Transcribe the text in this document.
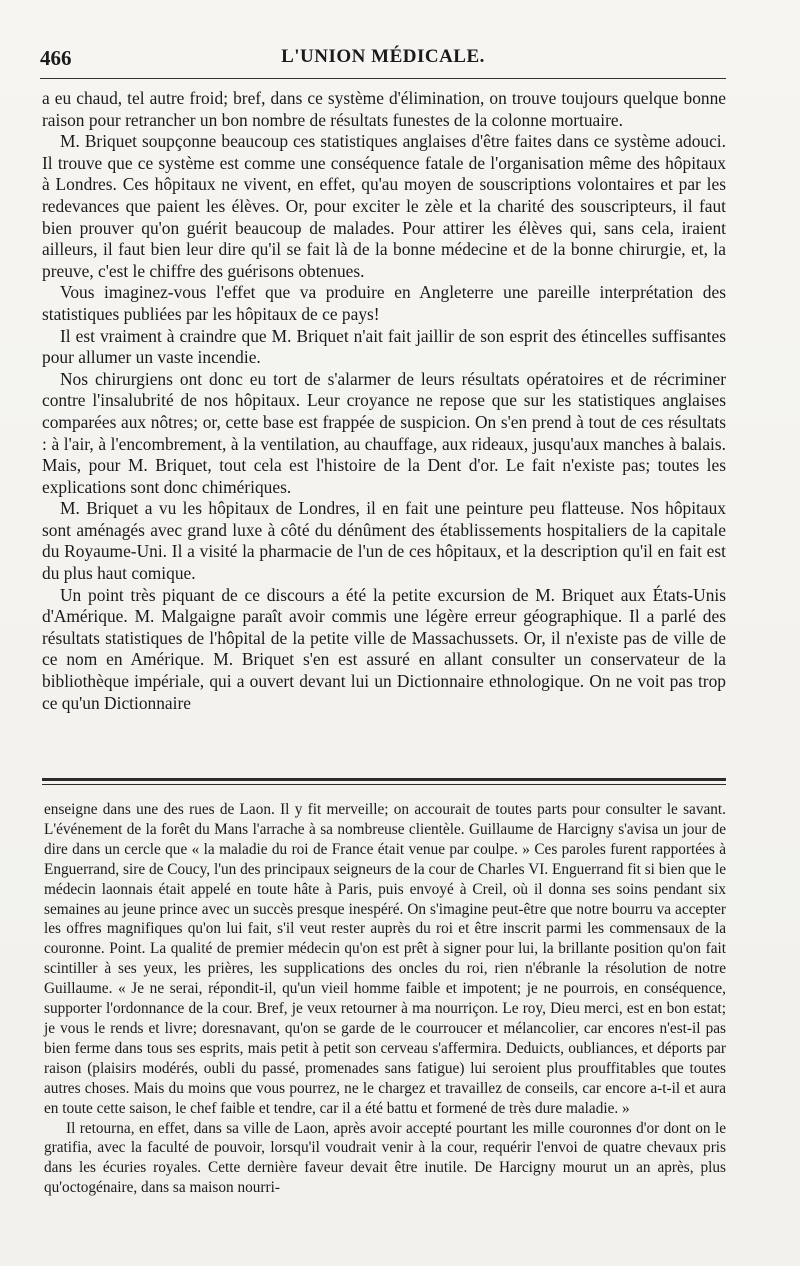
466	L'UNION MÉDICALE.

a eu chaud, tel autre froid; bref, dans ce système d'élimination, on trouve toujours quelque bonne raison pour retrancher un bon nombre de résultats funestes de la colonne mortuaire.

M. Briquet soupçonne beaucoup ces statistiques anglaises d'être faites dans ce système adouci. Il trouve que ce système est comme une conséquence fatale de l'organisation même des hôpitaux à Londres. Ces hôpitaux ne vivent, en effet, qu'au moyen de souscriptions volontaires et par les redevances que paient les élèves. Or, pour exciter le zèle et la charité des souscripteurs, il faut bien prouver qu'on guérit beaucoup de malades. Pour attirer les élèves qui, sans cela, iraient ailleurs, il faut bien leur dire qu'il se fait là de la bonne médecine et de la bonne chirurgie, et, la preuve, c'est le chiffre des guérisons obtenues.

Vous imaginez-vous l'effet que va produire en Angleterre une pareille interprétation des statistiques publiées par les hôpitaux de ce pays!

Il est vraiment à craindre que M. Briquet n'ait fait jaillir de son esprit des étincelles suffisantes pour allumer un vaste incendie.

Nos chirurgiens ont donc eu tort de s'alarmer de leurs résultats opératoires et de récriminer contre l'insalubrité de nos hôpitaux. Leur croyance ne repose que sur les statistiques anglaises comparées aux nôtres; or, cette base est frappée de suspicion. On s'en prend à tout de ces résultats : à l'air, à l'encombrement, à la ventilation, au chauffage, aux rideaux, jusqu'aux manches à balais. Mais, pour M. Briquet, tout cela est l'histoire de la Dent d'or. Le fait n'existe pas; toutes les explications sont donc chimériques.

M. Briquet a vu les hôpitaux de Londres, il en fait une peinture peu flatteuse. Nos hôpitaux sont aménagés avec grand luxe à côté du dénûment des établissements hospitaliers de la capitale du Royaume-Uni. Il a visité la pharmacie de l'un de ces hôpitaux, et la description qu'il en fait est du plus haut comique.

Un point très piquant de ce discours a été la petite excursion de M. Briquet aux États-Unis d'Amérique. M. Malgaigne paraît avoir commis une légère erreur géographique. Il a parlé des résultats statistiques de l'hôpital de la petite ville de Massachussets. Or, il n'existe pas de ville de ce nom en Amérique. M. Briquet s'en est assuré en allant consulter un conservateur de la bibliothèque impériale, qui a ouvert devant lui un Dictionnaire ethnologique. On ne voit pas trop ce qu'un Dictionnaire

enseigne dans une des rues de Laon. Il y fit merveille; on accourait de toutes parts pour consulter le savant. L'événement de la forêt du Mans l'arrache à sa nombreuse clientèle. Guillaume de Harcigny s'avisa un jour de dire dans un cercle que « la maladie du roi de France était venue par coulpe. » Ces paroles furent rapportées à Enguerrand, sire de Coucy, l'un des principaux seigneurs de la cour de Charles VI. Enguerrand fit si bien que le médecin laonnais était appelé en toute hâte à Paris, puis envoyé à Creil, où il donna ses soins pendant six semaines au jeune prince avec un succès presque inespéré. On s'imagine peut-être que notre bourru va accepter les offres magnifiques qu'on lui fait, s'il veut rester auprès du roi et être inscrit parmi les commensaux de la couronne. Point. La qualité de premier médecin qu'on est prêt à signer pour lui, la brillante position qu'on fait scintiller à ses yeux, les prières, les supplications des oncles du roi, rien n'ébranle la résolution de notre Guillaume. « Je ne serai, répondit-il, qu'un vieil homme faible et impotent; je ne pourrois, en conséquence, supporter l'ordonnance de la cour. Bref, je veux retourner à ma nourriçon. Le roy, Dieu merci, est en bon estat; je vous le rends et livre; doresnavant, qu'on se garde de le courroucer et mélancolier, car encores n'est-il pas bien ferme dans tous ses esprits, mais petit à petit son cerveau s'affermira. Deduicts, oubliances, et déports par raison (plaisirs modérés, oubli du passé, promenades sans fatigue) lui seroient plus prouffitables que toutes autres choses. Mais du moins que vous pourrez, ne le chargez et travaillez de conseils, car encore a-t-il et aura en toute cette saison, le chef faible et tendre, car il a été battu et formené de très dure maladie. »

Il retourna, en effet, dans sa ville de Laon, après avoir accepté pourtant les mille couronnes d'or dont on le gratifia, avec la faculté de pouvoir, lorsqu'il voudrait venir à la cour, requérir l'envoi de quatre chevaux pris dans les écuries royales. Cette dernière faveur devait être inutile. De Harcigny mourut un an après, plus qu'octogénaire, dans sa maison nourri-
